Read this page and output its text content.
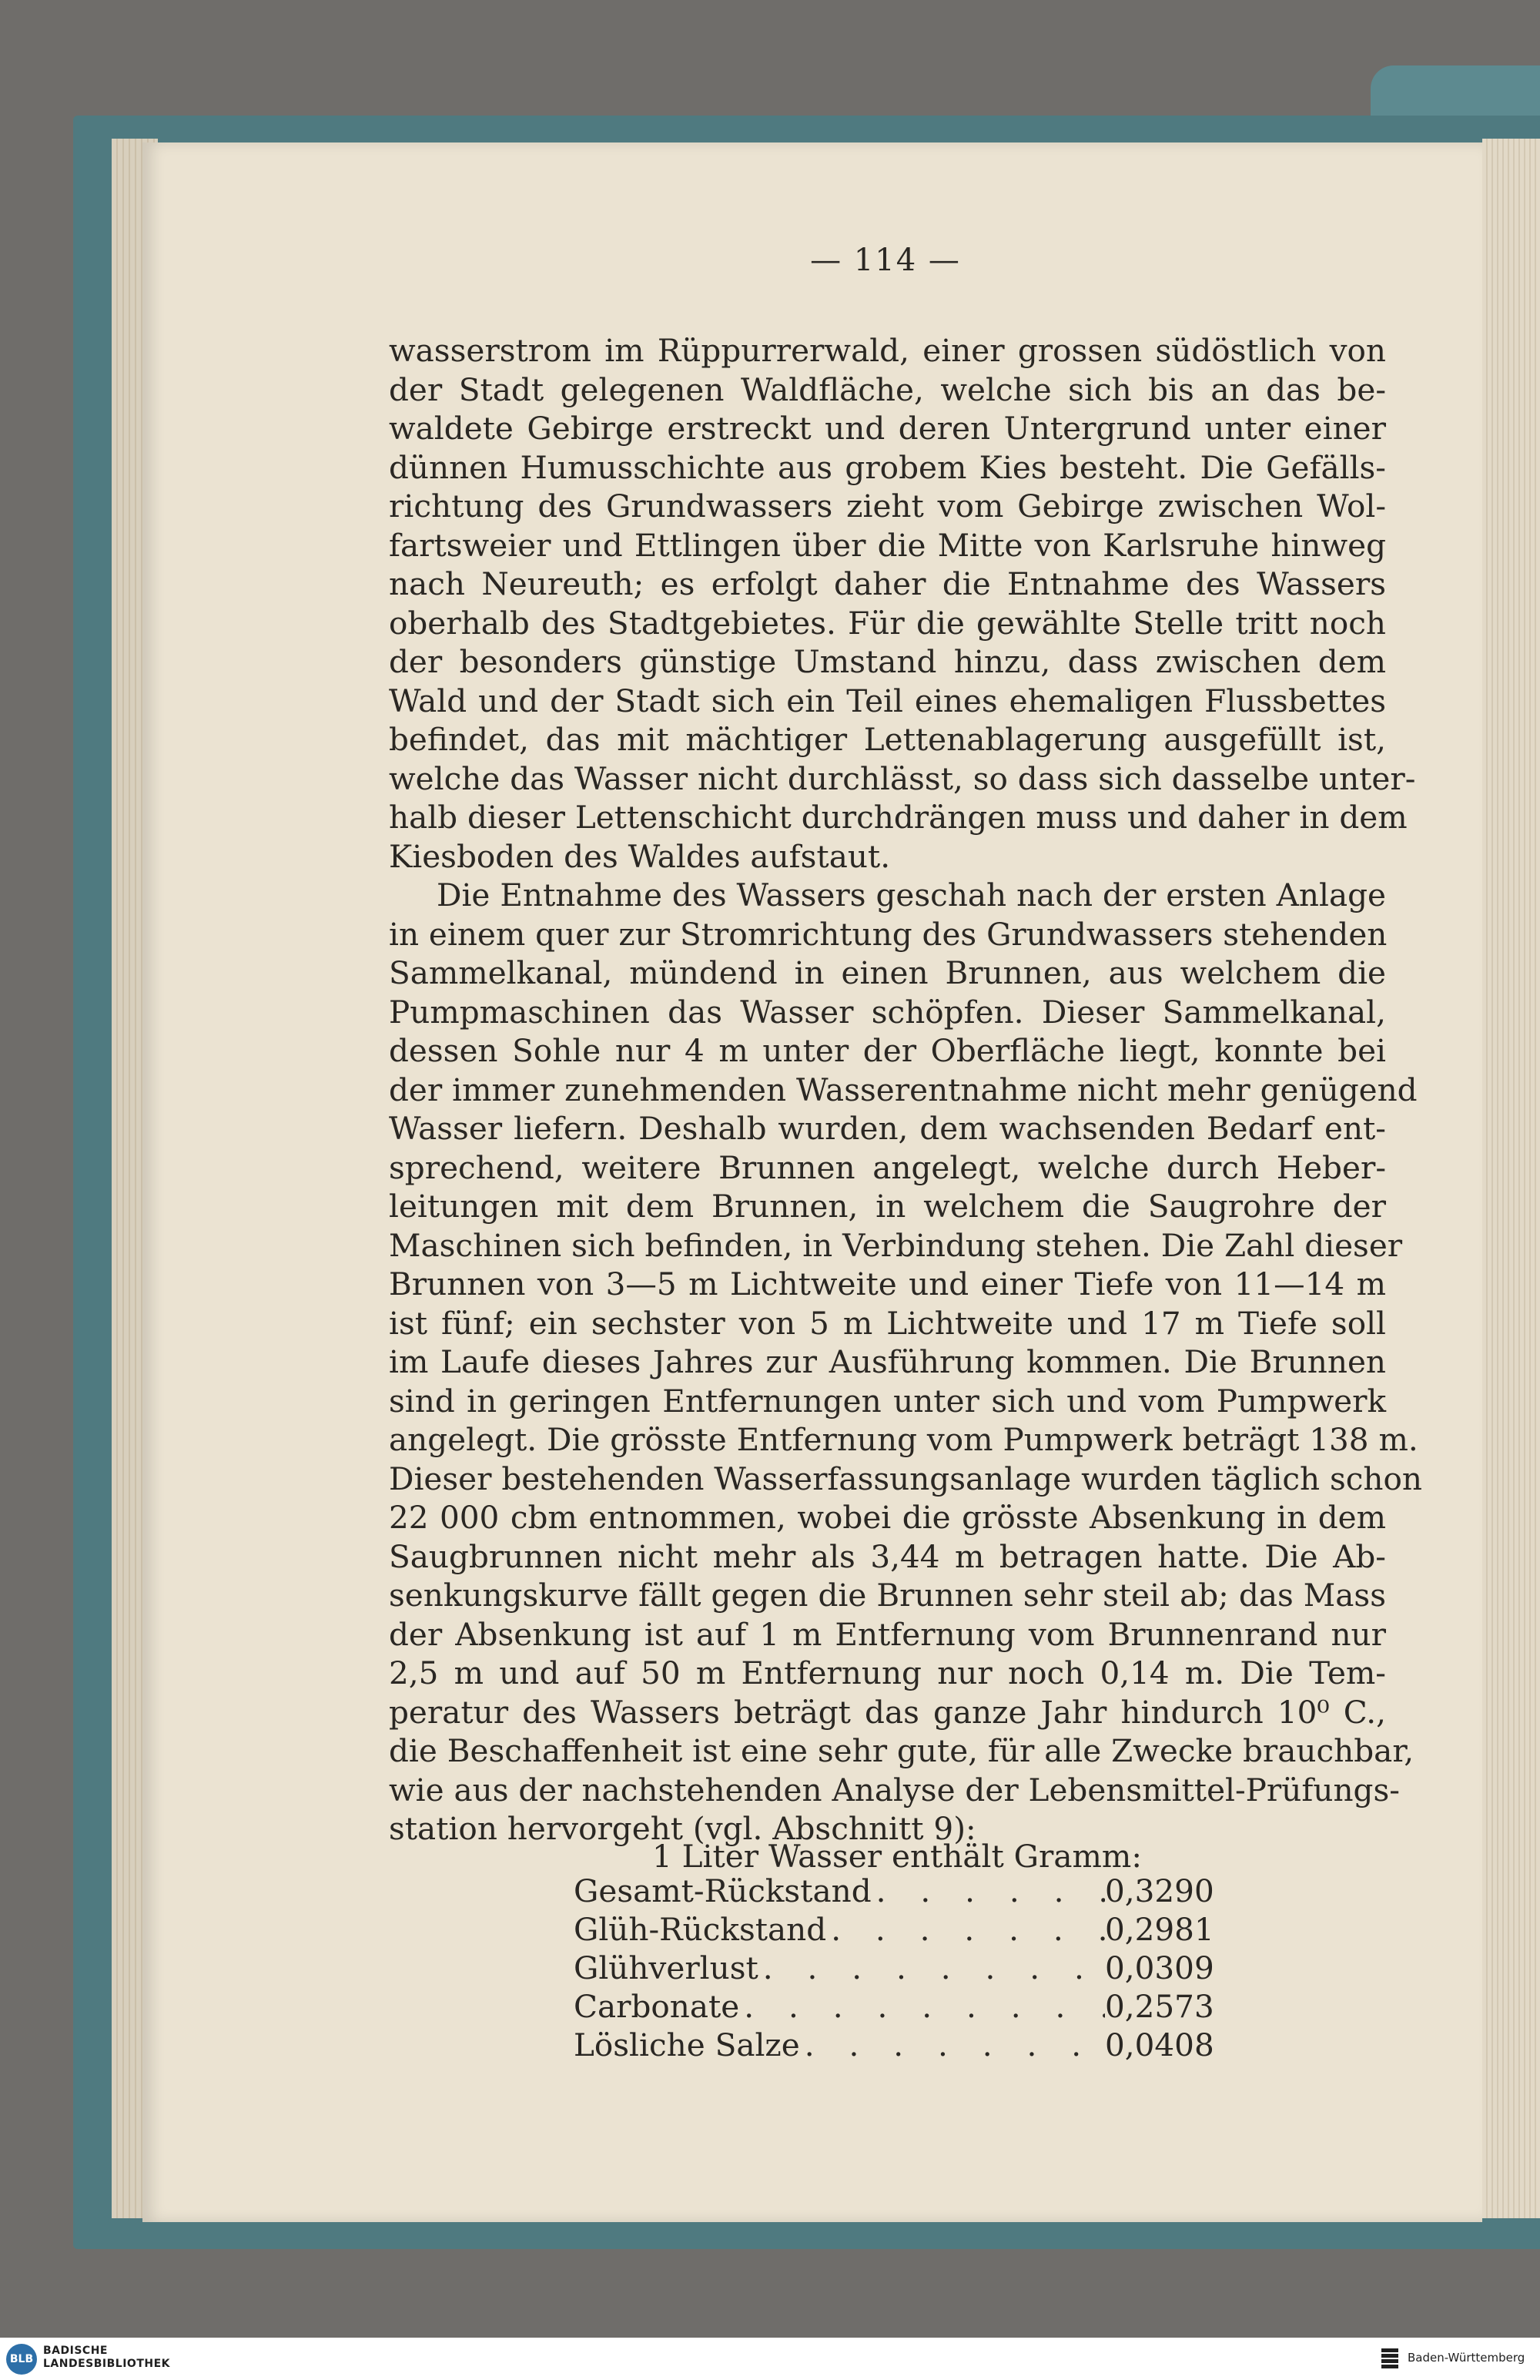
— 114 —
wasserstrom im Rüppurrerwald, einer grossen südöstlich von
der Stadt gelegenen Waldfläche, welche sich bis an das be-
waldete Gebirge erstreckt und deren Untergrund unter einer
dünnen Humusschichte aus grobem Kies besteht. Die Gefälls-
richtung des Grundwassers zieht vom Gebirge zwischen Wol-
fartsweier und Ettlingen über die Mitte von Karlsruhe hinweg
nach Neureuth; es erfolgt daher die Entnahme des Wassers
oberhalb des Stadtgebietes. Für die gewählte Stelle tritt noch
der besonders günstige Umstand hinzu, dass zwischen dem
Wald und der Stadt sich ein Teil eines ehemaligen Flussbettes
befindet, das mit mächtiger Lettenablagerung ausgefüllt ist,
welche das Wasser nicht durchlässt, so dass sich dasselbe unter-
halb dieser Lettenschicht durchdrängen muss und daher in dem
Kiesboden des Waldes aufstaut.
Die Entnahme des Wassers geschah nach der ersten Anlage
in einem quer zur Stromrichtung des Grundwassers stehenden
Sammelkanal, mündend in einen Brunnen, aus welchem die
Pumpmaschinen das Wasser schöpfen. Dieser Sammelkanal,
dessen Sohle nur 4 m unter der Oberfläche liegt, konnte bei
der immer zunehmenden Wasserentnahme nicht mehr genügend
Wasser liefern. Deshalb wurden, dem wachsenden Bedarf ent-
sprechend, weitere Brunnen angelegt, welche durch Heber-
leitungen mit dem Brunnen, in welchem die Saugrohre der
Maschinen sich befinden, in Verbindung stehen. Die Zahl dieser
Brunnen von 3—5 m Lichtweite und einer Tiefe von 11—14 m
ist fünf; ein sechster von 5 m Lichtweite und 17 m Tiefe soll
im Laufe dieses Jahres zur Ausführung kommen. Die Brunnen
sind in geringen Entfernungen unter sich und vom Pumpwerk
angelegt. Die grösste Entfernung vom Pumpwerk beträgt 138 m.
Dieser bestehenden Wasserfassungsanlage wurden täglich schon
22 000 cbm entnommen, wobei die grösste Absenkung in dem
Saugbrunnen nicht mehr als 3,44 m betragen hatte. Die Ab-
senkungskurve fällt gegen die Brunnen sehr steil ab; das Mass
der Absenkung ist auf 1 m Entfernung vom Brunnenrand nur
2,5 m und auf 50 m Entfernung nur noch 0,14 m. Die Tem-
peratur des Wassers beträgt das ganze Jahr hindurch 10⁰ C.,
die Beschaffenheit ist eine sehr gute, für alle Zwecke brauchbar,
wie aus der nachstehenden Analyse der Lebensmittel-Prüfungs-
station hervorgeht (vgl. Abschnitt 9):
1 Liter Wasser enthält Gramm:
Gesamt-Rückstand . . .	0,3290
Glüh-Rückstand . . .	0,2981
Glühverlust . . .	0,0309
Carbonate . . .	0,2573
Lösliche Salze . . .	0,0408
BLB
BADISCHE
LANDESBIBLIOTHEK	Baden-Württemberg
